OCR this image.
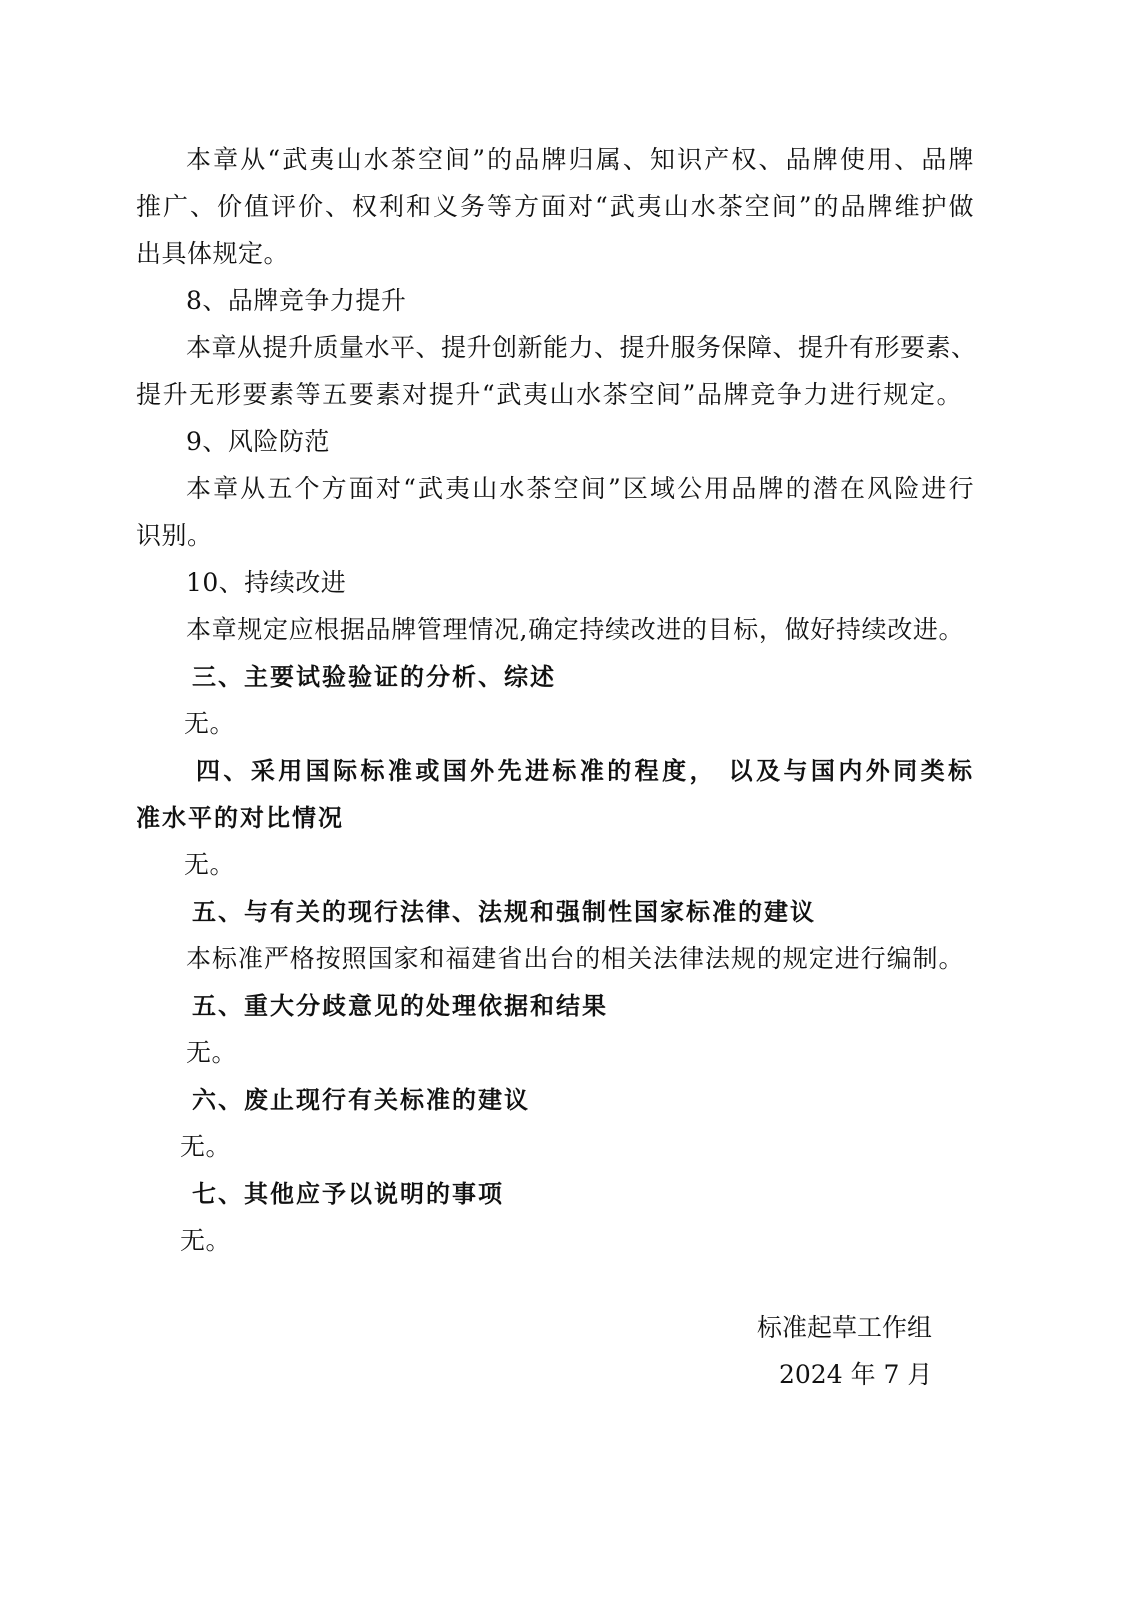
本章从“武夷山水茶空间”的品牌归属、知识产权、品牌使用、品牌
推广、价值评价、权利和义务等方面对“武夷山水茶空间”的品牌维护做
出具体规定。
8、品牌竞争力提升
本章从提升质量水平、提升创新能力、提升服务保障、提升有形要素、
提升无形要素等五要素对提升“武夷山水茶空间”品牌竞争力进行规定。
9、风险防范
本章从五个方面对“武夷山水茶空间”区域公用品牌的潜在风险进行
识别。
10、持续改进
本章规定应根据品牌管理情况,确定持续改进的目标，做好持续改进。
三、主要试验验证的分析、综述
无。
四、采用国际标准或国外先进标准的程度， 以及与国内外同类标
准水平的对比情况
无。
五、与有关的现行法律、法规和强制性国家标准的建议
本标准严格按照国家和福建省出台的相关法律法规的规定进行编制。
五、重大分歧意见的处理依据和结果
无。
六、废止现行有关标准的建议
无。
七、其他应予以说明的事项
无。
标准起草工作组
2024 年 7 月
